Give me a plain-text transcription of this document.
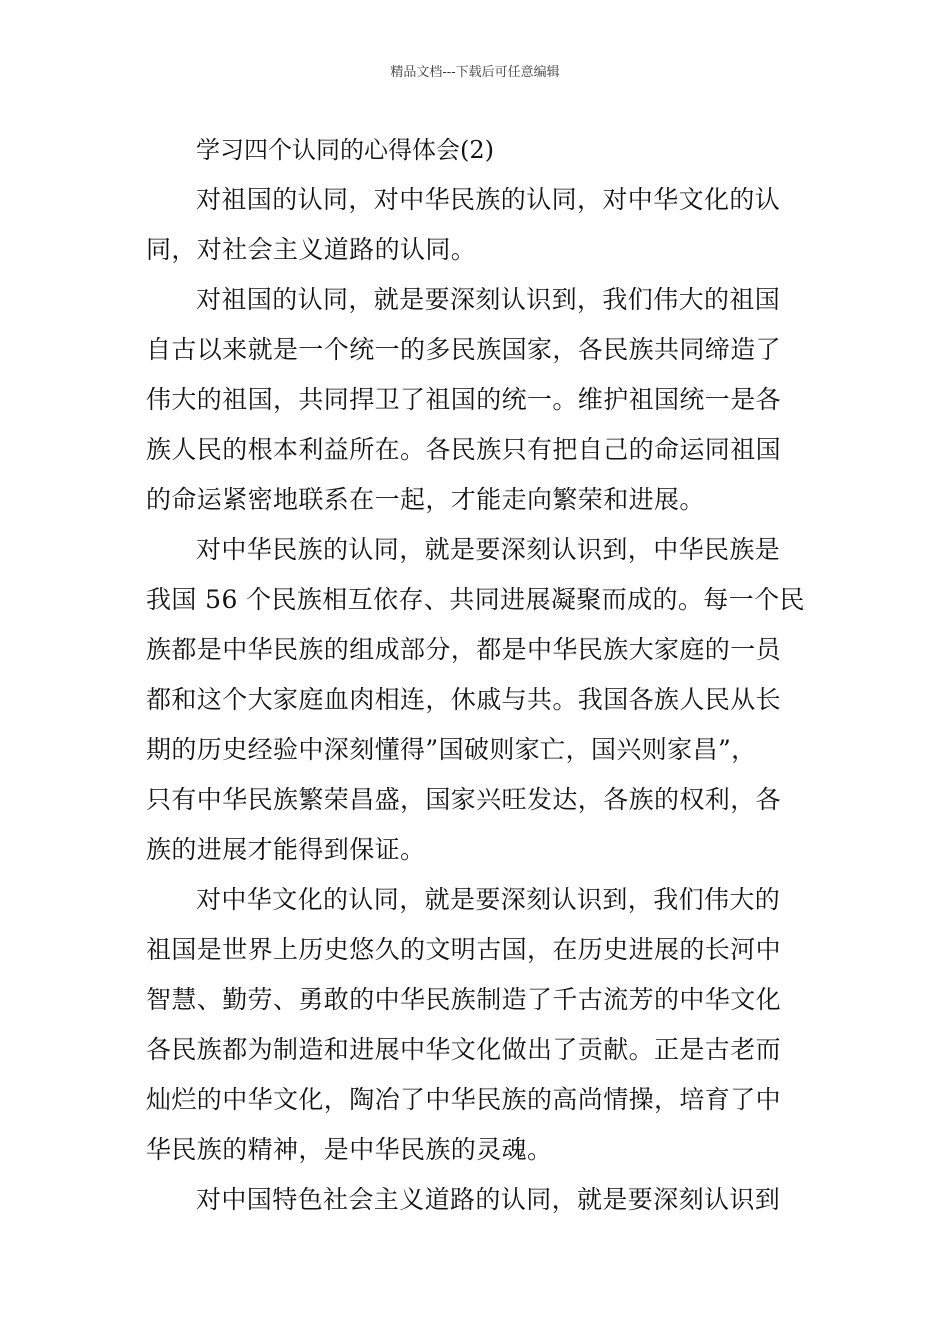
精品文档---下载后可任意编辑
学习四个认同的心得体会(2)
对祖国的认同，对中华民族的认同，对中华文化的认
同，对社会主义道路的认同。
对祖国的认同，就是要深刻认识到，我们伟大的祖国
自古以来就是一个统一的多民族国家，各民族共同缔造了
伟大的祖国，共同捍卫了祖国的统一。维护祖国统一是各
族人民的根本利益所在。各民族只有把自己的命运同祖国
的命运紧密地联系在一起，才能走向繁荣和进展。
对中华民族的认同，就是要深刻认识到，中华民族是
我国 56 个民族相互依存、共同进展凝聚而成的。每一个民
族都是中华民族的组成部分，都是中华民族大家庭的一员
都和这个大家庭血肉相连，休戚与共。我国各族人民从长
期的历史经验中深刻懂得”国破则家亡，国兴则家昌”，
只有中华民族繁荣昌盛，国家兴旺发达，各族的权利，各
族的进展才能得到保证。
对中华文化的认同，就是要深刻认识到，我们伟大的
祖国是世界上历史悠久的文明古国，在历史进展的长河中
智慧、勤劳、勇敢的中华民族制造了千古流芳的中华文化
各民族都为制造和进展中华文化做出了贡献。正是古老而
灿烂的中华文化，陶冶了中华民族的高尚情操，培育了中
华民族的精神，是中华民族的灵魂。
对中国特色社会主义道路的认同，就是要深刻认识到
